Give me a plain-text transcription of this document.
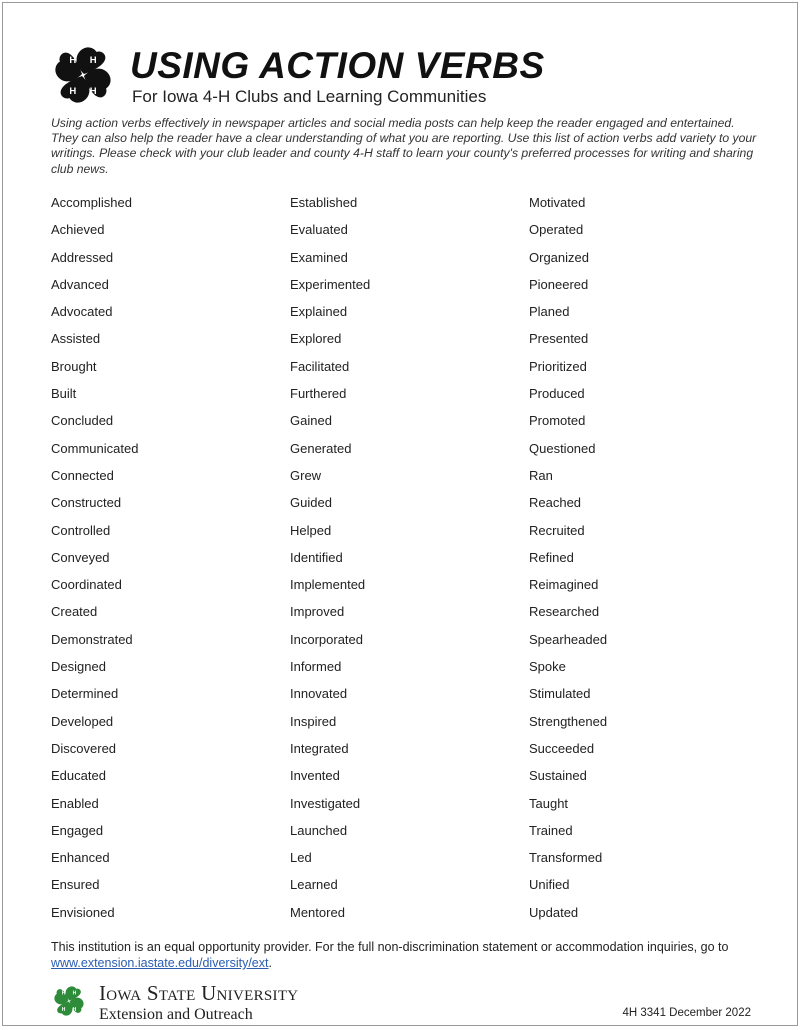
H H
H H
USING ACTION VERBS
For Iowa 4-H Clubs and Learning Communities
Using action verbs effectively in newspaper articles and social media posts can help keep the reader engaged and entertained. They can also help the reader have a clear understanding of what you are reporting. Use this list of action verbs add variety to your writings. Please check with your club leader and county 4-H staff to learn your county's preferred processes for writing and sharing club news.
Accomplished
Achieved
Addressed
Advanced
Advocated
Assisted
Brought
Built
Concluded
Communicated
Connected
Constructed
Controlled
Conveyed
Coordinated
Created
Demonstrated
Designed
Determined
Developed
Discovered
Educated
Enabled
Engaged
Enhanced
Ensured
Envisioned
Established
Evaluated
Examined
Experimented
Explained
Explored
Facilitated
Furthered
Gained
Generated
Grew
Guided
Helped
Identified
Implemented
Improved
Incorporated
Informed
Innovated
Inspired
Integrated
Invented
Investigated
Launched
Led
Learned
Mentored
Motivated
Operated
Organized
Pioneered
Planed
Presented
Prioritized
Produced
Promoted
Questioned
Ran
Reached
Recruited
Refined
Reimagined
Researched
Spearheaded
Spoke
Stimulated
Strengthened
Succeeded
Sustained
Taught
Trained
Transformed
Unified
Updated
This institution is an equal opportunity provider. For the full non-discrimination statement or accommodation inquiries, go to www.extension.iastate.edu/diversity/ext.
H H
H H
Iowa State University
Extension and Outreach	4H 3341 December 2022
